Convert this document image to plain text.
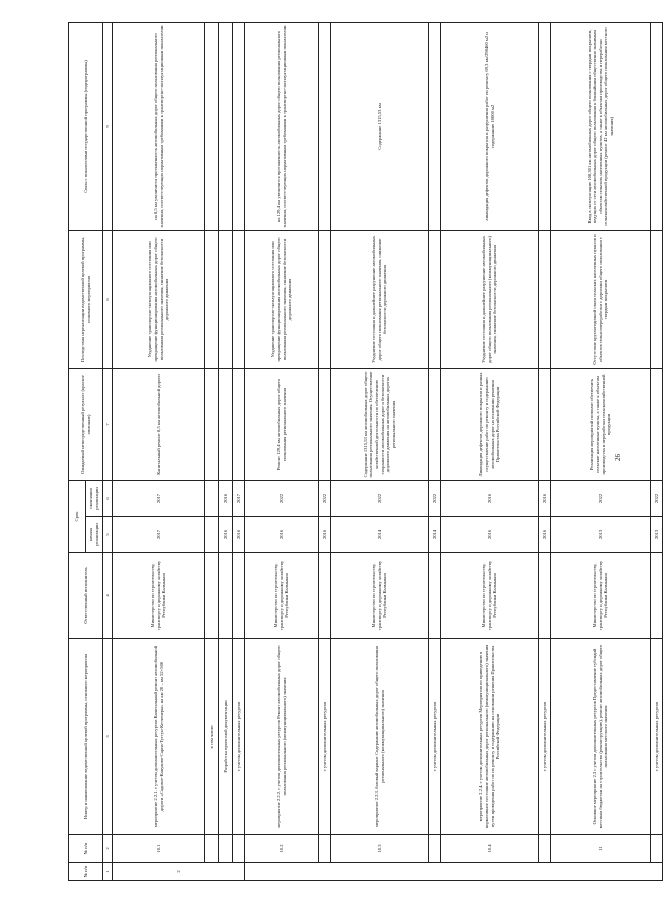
№ п/п	№ п/п	Номер и наименование ведомственной целевой программы, основного мероприятия	Ответственный исполнитель	Срок		Ожидаемый непосредственный результат (краткое описание)	Последствия нереализации ведомственной целевой программы, основного мероприятия	Связь с показателями государственной программы (подпрограммы)
				начала реализации	окончания реализации			
1	2	3	4	5	6	7	8	9
2	10.1	мероприятие 2.2.1. с учетом дополнительных ресурсов Капитальный ремонт автомобильной дороги «Садовое-Кануково-Сарпа-Тугтун-Кетченеры» на км 20 – км 52+500	Министерство по строительству, транспорту и дорожному хозяйству Республики Калмыкия	2017	2017	Капитальный ремонт 8,5 км автомобильной дороги	Ухудшение транспортно-эксплуатационного состояния или прекращение функционирования автомобильных дорог общего пользования регионального значения, снижение безопасности дорожного движения	на 8,5 км увеличится протяженность автомобильных дорог общего пользования регионального значения, соответствующих нормативным требованиям к транспортно-эксплуатационным показателям
		в том числе:						
		Разработка проектной документации		2016	2016			
		с учетом дополнительных ресурсов		2016	2017			
	10.2	мероприятие 2.2.2. с учетом дополнительных ресурсов Ремонт автомобильных дорог общего пользования регионального (межмуниципального) значения	Министерство по строительству, транспорту и дорожному хозяйству Республики Калмыкия	2016	2022	Ремонт 129,4 км автомобильных дорог общего пользования регионального значения	Ухудшение транспортно-эксплуатационного состояния или прекращение функционирования автомобильных дорог общего пользования регионального значения, снижение безопасности дорожного движения	на 129,4 км увеличится протяженность автомобильных дорог общего пользования регионального значения, соответствующих нормативным требованиям к транспортно-эксплуатационным показателям
		с учетом дополнительных ресурсов		2016	2022			
	10.3	мероприятие 2.2.3. базовый вариант Содержание автомобильных дорог общего пользования регионального (межмуниципального) значения	Министерство по строительству, транспорту и дорожному хозяйству Республики Калмыкия	2014	2022	Содержание 1315,53 км автомобильных дорог общего пользования регионального значения. Осуществление хозяйственной деятельности по обеспечению сохранности автомобильных дорог и безопасности дорожного движения на автомобильных дорогах регионального значения	Ухудшение состояния и дальнейшее разрушение автомобильных дорог общего пользования регионального значения, снижение безопасности дорожного движения	Содержание 1315,53 км
		с учетом дополнительных ресурсов		2014	2022			
	10.4	мероприятие 2.2.4. с учетом дополнительных ресурсов Мероприятия по приведению в нормативное состояние автомобильных дорог регионального (межмуниципального) значения путем проведения работ по их ремонту и содержанию на основании решения Правительства Российской Федерации	Министерство по строительству, транспорту и дорожному хозяйству Республики Калмыкия	2016	2016	Ликвидация дефектов дорожного покрытия и разных осуществление работ по ремонту и содержанию автомобильных дорог на основании решения Правительства Российской Федерации	Ухудшение состояния и дальнейшее разрушение автомобильных дорог общего пользования регионального (межмуниципального) значения, снижение безопасности дорожного движения	ликвидация дефектов дорожного покрытия и разрушения работ по ремонту 69,3 км/298460 м2 и содержанию 18000 м2
		с учетом дополнительных ресурсов		2016	2016			
	11	Основное мероприятие 2.3 с учетом дополнительных ресурсов Предоставление субсидий местным бюджетам на строительство (реконструкцию), ремонт автомобильных дорог общего пользования местного значения	Министерство по строительству, транспорту и дорожному хозяйству Республики Калмыкия	2013	2022	Реализация мероприятий позволит обеспечить сельские населенные пункты, а также к объектам производства и переработки сельскохозяйственной продукции	Отсутствие круглогодичной связи сельских населенных пунктов и объектов сельхозпереработки с дорогами общего пользования с твердым покрытием	Ввод в эксплуатацию 108,301 км автомобильных дорог общего пользования с твердым покрытием, ведущих от сети автомобильных дорог общего пользования к ближайшим общественно значимым объектам сельских населенных пунктов, а также к объектам производства и переработки сельскохозяйственной продукции (ремонт 42 км автомобильных дорог общего пользования местного значения)
		с учетом дополнительных ресурсов		2013	2022			
26
